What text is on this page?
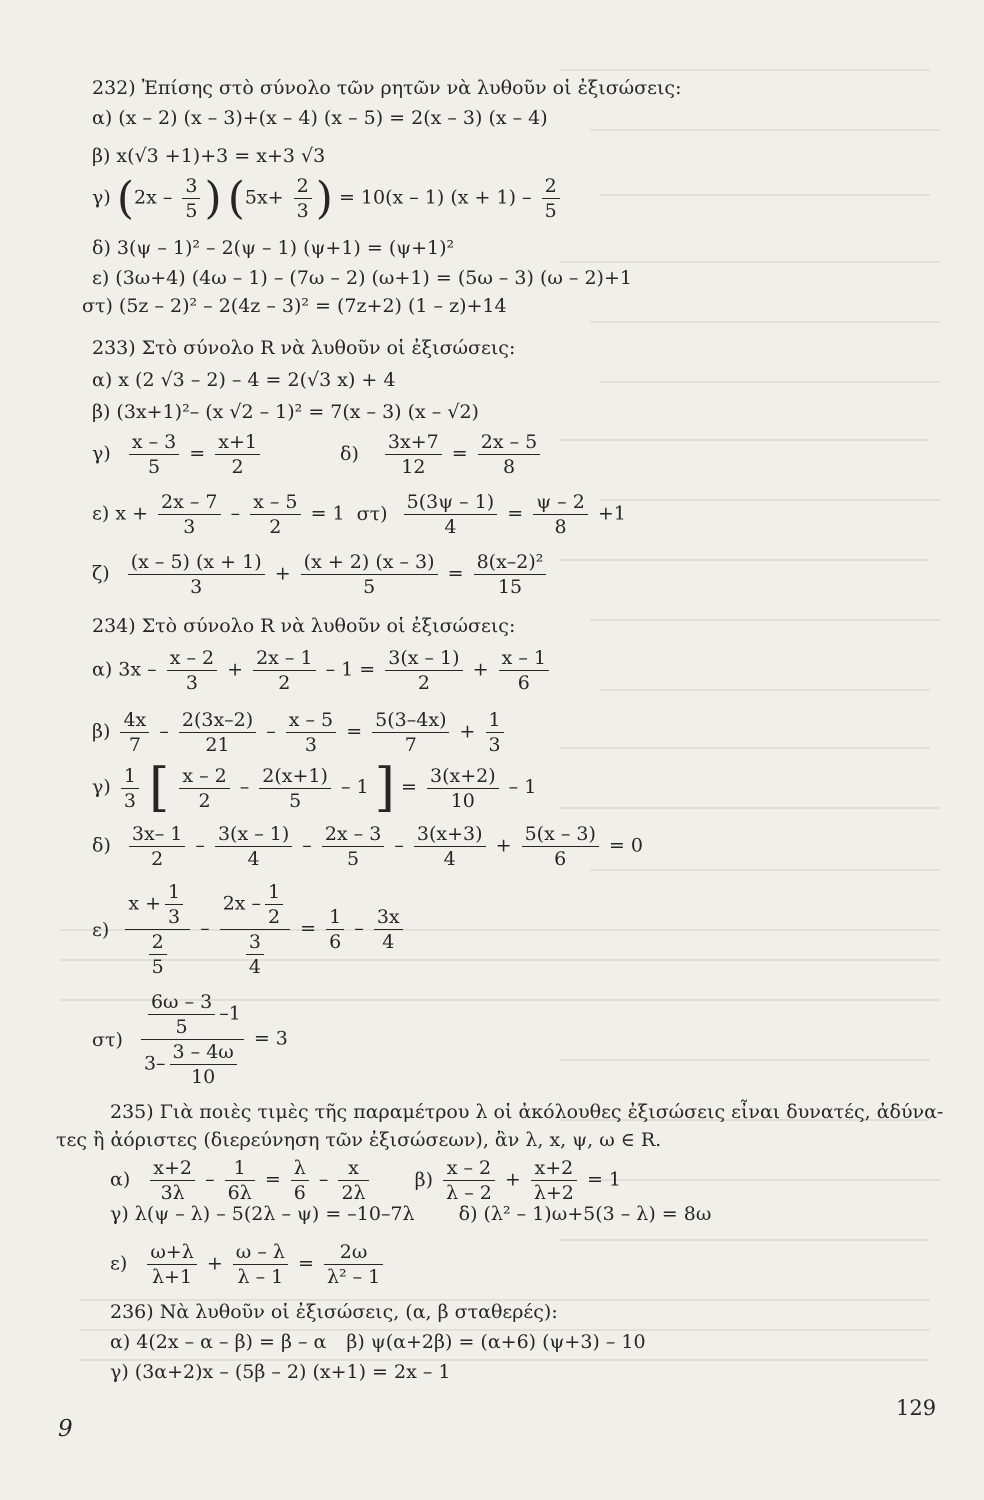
232) Ἐπίσης στὸ σύνολο τῶν ρητῶν νὰ λυθοῦν οἱ ἐξισώσεις:
α) (x – 2) (x – 3)+(x – 4) (x – 5) = 2(x – 3) (x – 4)
β) x(√3 +1)+3 = x+3 √3
γ) ($2x - \frac{3}{5}$ ) ($5x+ \frac{2}{3}$ ) = 10(x – 1) $(x + 1) - \frac{2}{5}$
δ) 3(ψ – 1)² – 2(ψ – 1) (ψ+1) = (ψ+1)²
ε) (3ω+4) (4ω – 1) – (7ω – 2) (ω+1) = (5ω – 3) (ω – 2)+1
στ) (5z – 2)² – 2(4z – 3)² = (7z+2) (1 – z)+14
233) Στὸ σύνολο R νὰ λυθοῦν οἱ ἐξισώσεις:
α) x (2 √3 – 2) – 4 = 2(√3 x) + 4
β) (3x+1)²– (x √2 – 1)² = 7(x – 3) (x – √2)
$\gamma) \frac{x - 3}{5} = \frac{x+1}{2}$	$\delta) \frac{3x+7}{12} = \frac{2x - 5}{8}$
ε) $x + \frac{2x - 7}{3} - \frac{x - 5}{2} = 1$ $\sigma\tau) \frac{5(3\psi - 1)}{4} = \frac{\psi - 2}{8} +1$
$\zeta) \frac{(x - 5) (x + 1)}{3} + \frac{(x + 2) (x - 3)}{5} = \frac{\text{8(x–2)²}}{15}$
234) Στὸ σύνολο R νὰ λυθοῦν οἱ ἐξισώσεις:
α) $3x - \frac{x - 2}{3} + \frac{2x - 1}{2} - 1 = \frac{3(x - 1)}{2} + \frac{x - 1}{6}$
$\beta) \frac{4x}{7} - \frac{2(3x-2)}{21} - \frac{x - 5}{3} = \frac{5(3-4x)}{7} + \frac{1}{3}$
$\gamma) \frac{1}{3}$ [ $\frac{x - 2}{2} - \frac{2(x+1)}{5} - 1$ ] = $\frac{3(x+2)}{10} - 1$
$\delta) \frac{3x- 1}{2} - \frac{3(x - 1)}{4} - \frac{2x - 3}{5} - \frac{3(x+3)}{4} + \frac{5(x - 3)}{6} = 0$
$\varepsilon) \frac{x + \frac{1}{3}}{\frac{2}{5}} - \frac{2x - \frac{1}{2}}{\frac{3}{4}} = \frac{1}{6} - \frac{3x}{4}$
$\sigma\tau) \frac{\frac{6\omega - 3}{5} -1}{3- \frac{3 - 4\omega}{10}} = 3$
235) Γιὰ ποιὲς τιμὲς τῆς παραμέτρου λ οἱ ἀκόλουθες ἐξισώσεις εἶναι δυνατές, ἀδύνα-
τες ἢ ἀόριστες (διερεύνηση τῶν ἐξισώσεων), ἂν λ, x, ψ, ω ∈ R.
$\alpha) \frac{x+2}{3\lambda} - \frac{1}{6\lambda} = \frac{\lambda}{6} - \frac{x}{2\lambda} \beta) \frac{x - 2}{\lambda - 2} + \frac{x+2}{\lambda+2} = 1$
γ) λ(ψ – λ) – 5(2λ – ψ) = –10–7λ δ) (λ² – 1)ω+5(3 – λ) = 8ω
$\varepsilon) \frac{\omega+\lambda}{\lambda+1} + \frac{\omega - \lambda}{\lambda - 1} = \frac{2\omega}{\text{λ² – 1}}$
236) Νὰ λυθοῦν οἱ ἐξισώσεις, (α, β σταθερές):
α) 4(2x – α – β) = β – α β) ψ(α+2β) = (α+6) (ψ+3) – 10
γ) (3α+2)x – (5β – 2) (x+1) = 2x – 1
9
129
